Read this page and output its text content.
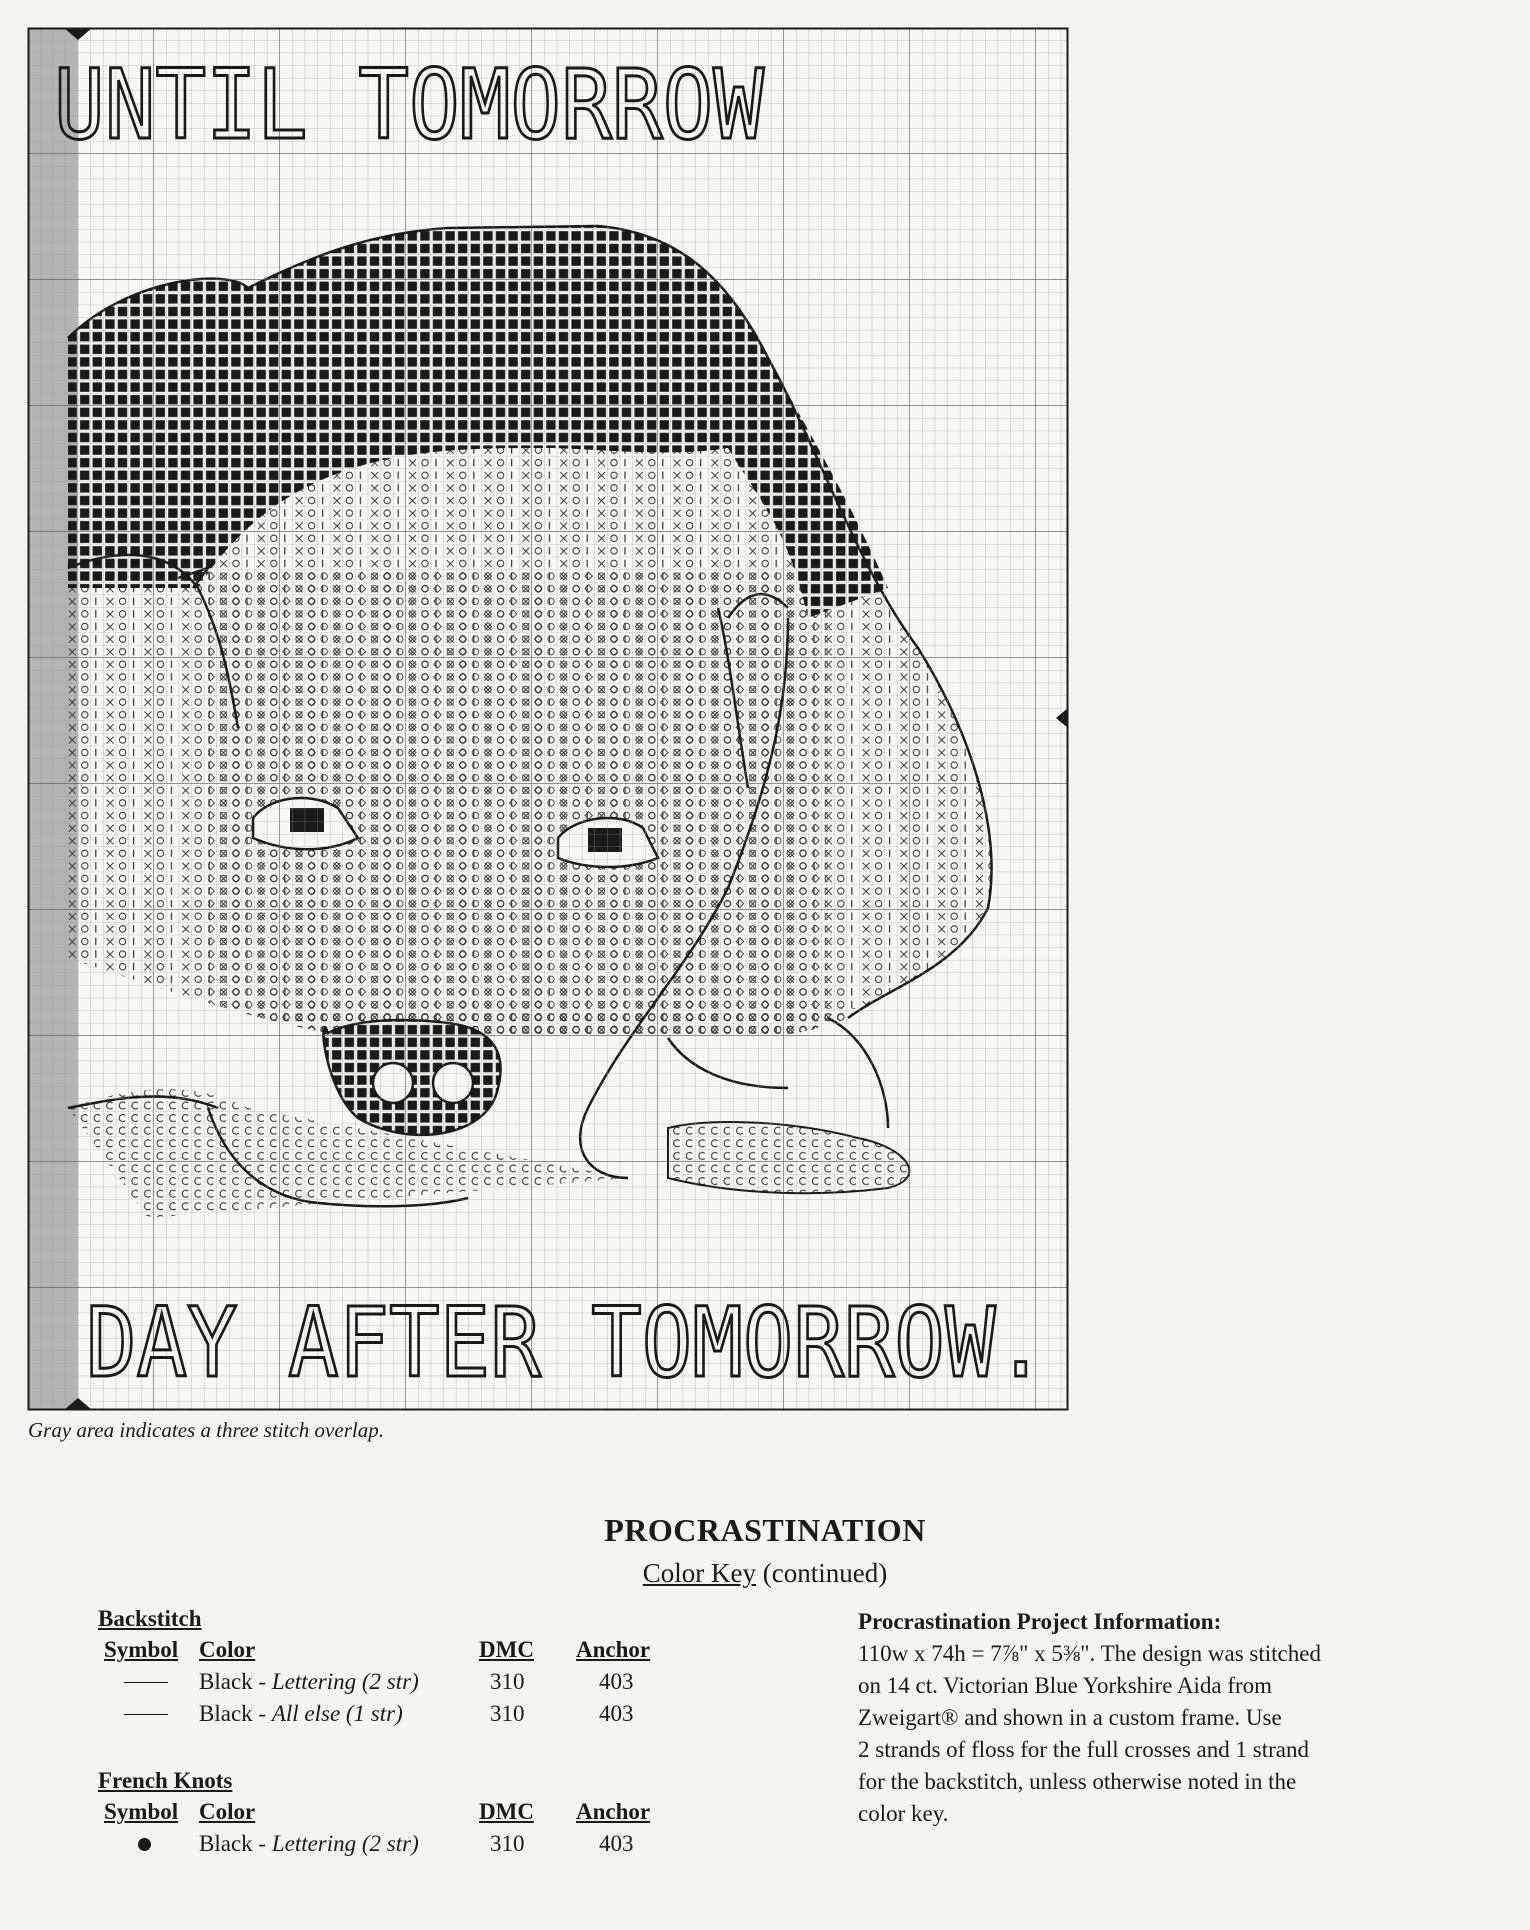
UNTIL TOMORROW
DAY AFTER TOMORROW.
Gray area indicates a three stitch overlap.
PROCRASTINATION
Color Key (continued)
Backstitch
Symbol Color	DMC Anchor
Black - Lettering (2 str)	310	403
Black - All else (1 str)	310	403
French Knots
Symbol Color	DMC Anchor
Black - Lettering (2 str)	310	403
Procrastination Project Information:
110w x 74h = 7⅞" x 5⅜". The design was stitched
on 14 ct. Victorian Blue Yorkshire Aida from
Zweigart® and shown in a custom frame. Use
2 strands of floss for the full crosses and 1 strand
for the backstitch, unless otherwise noted in the
color key.
